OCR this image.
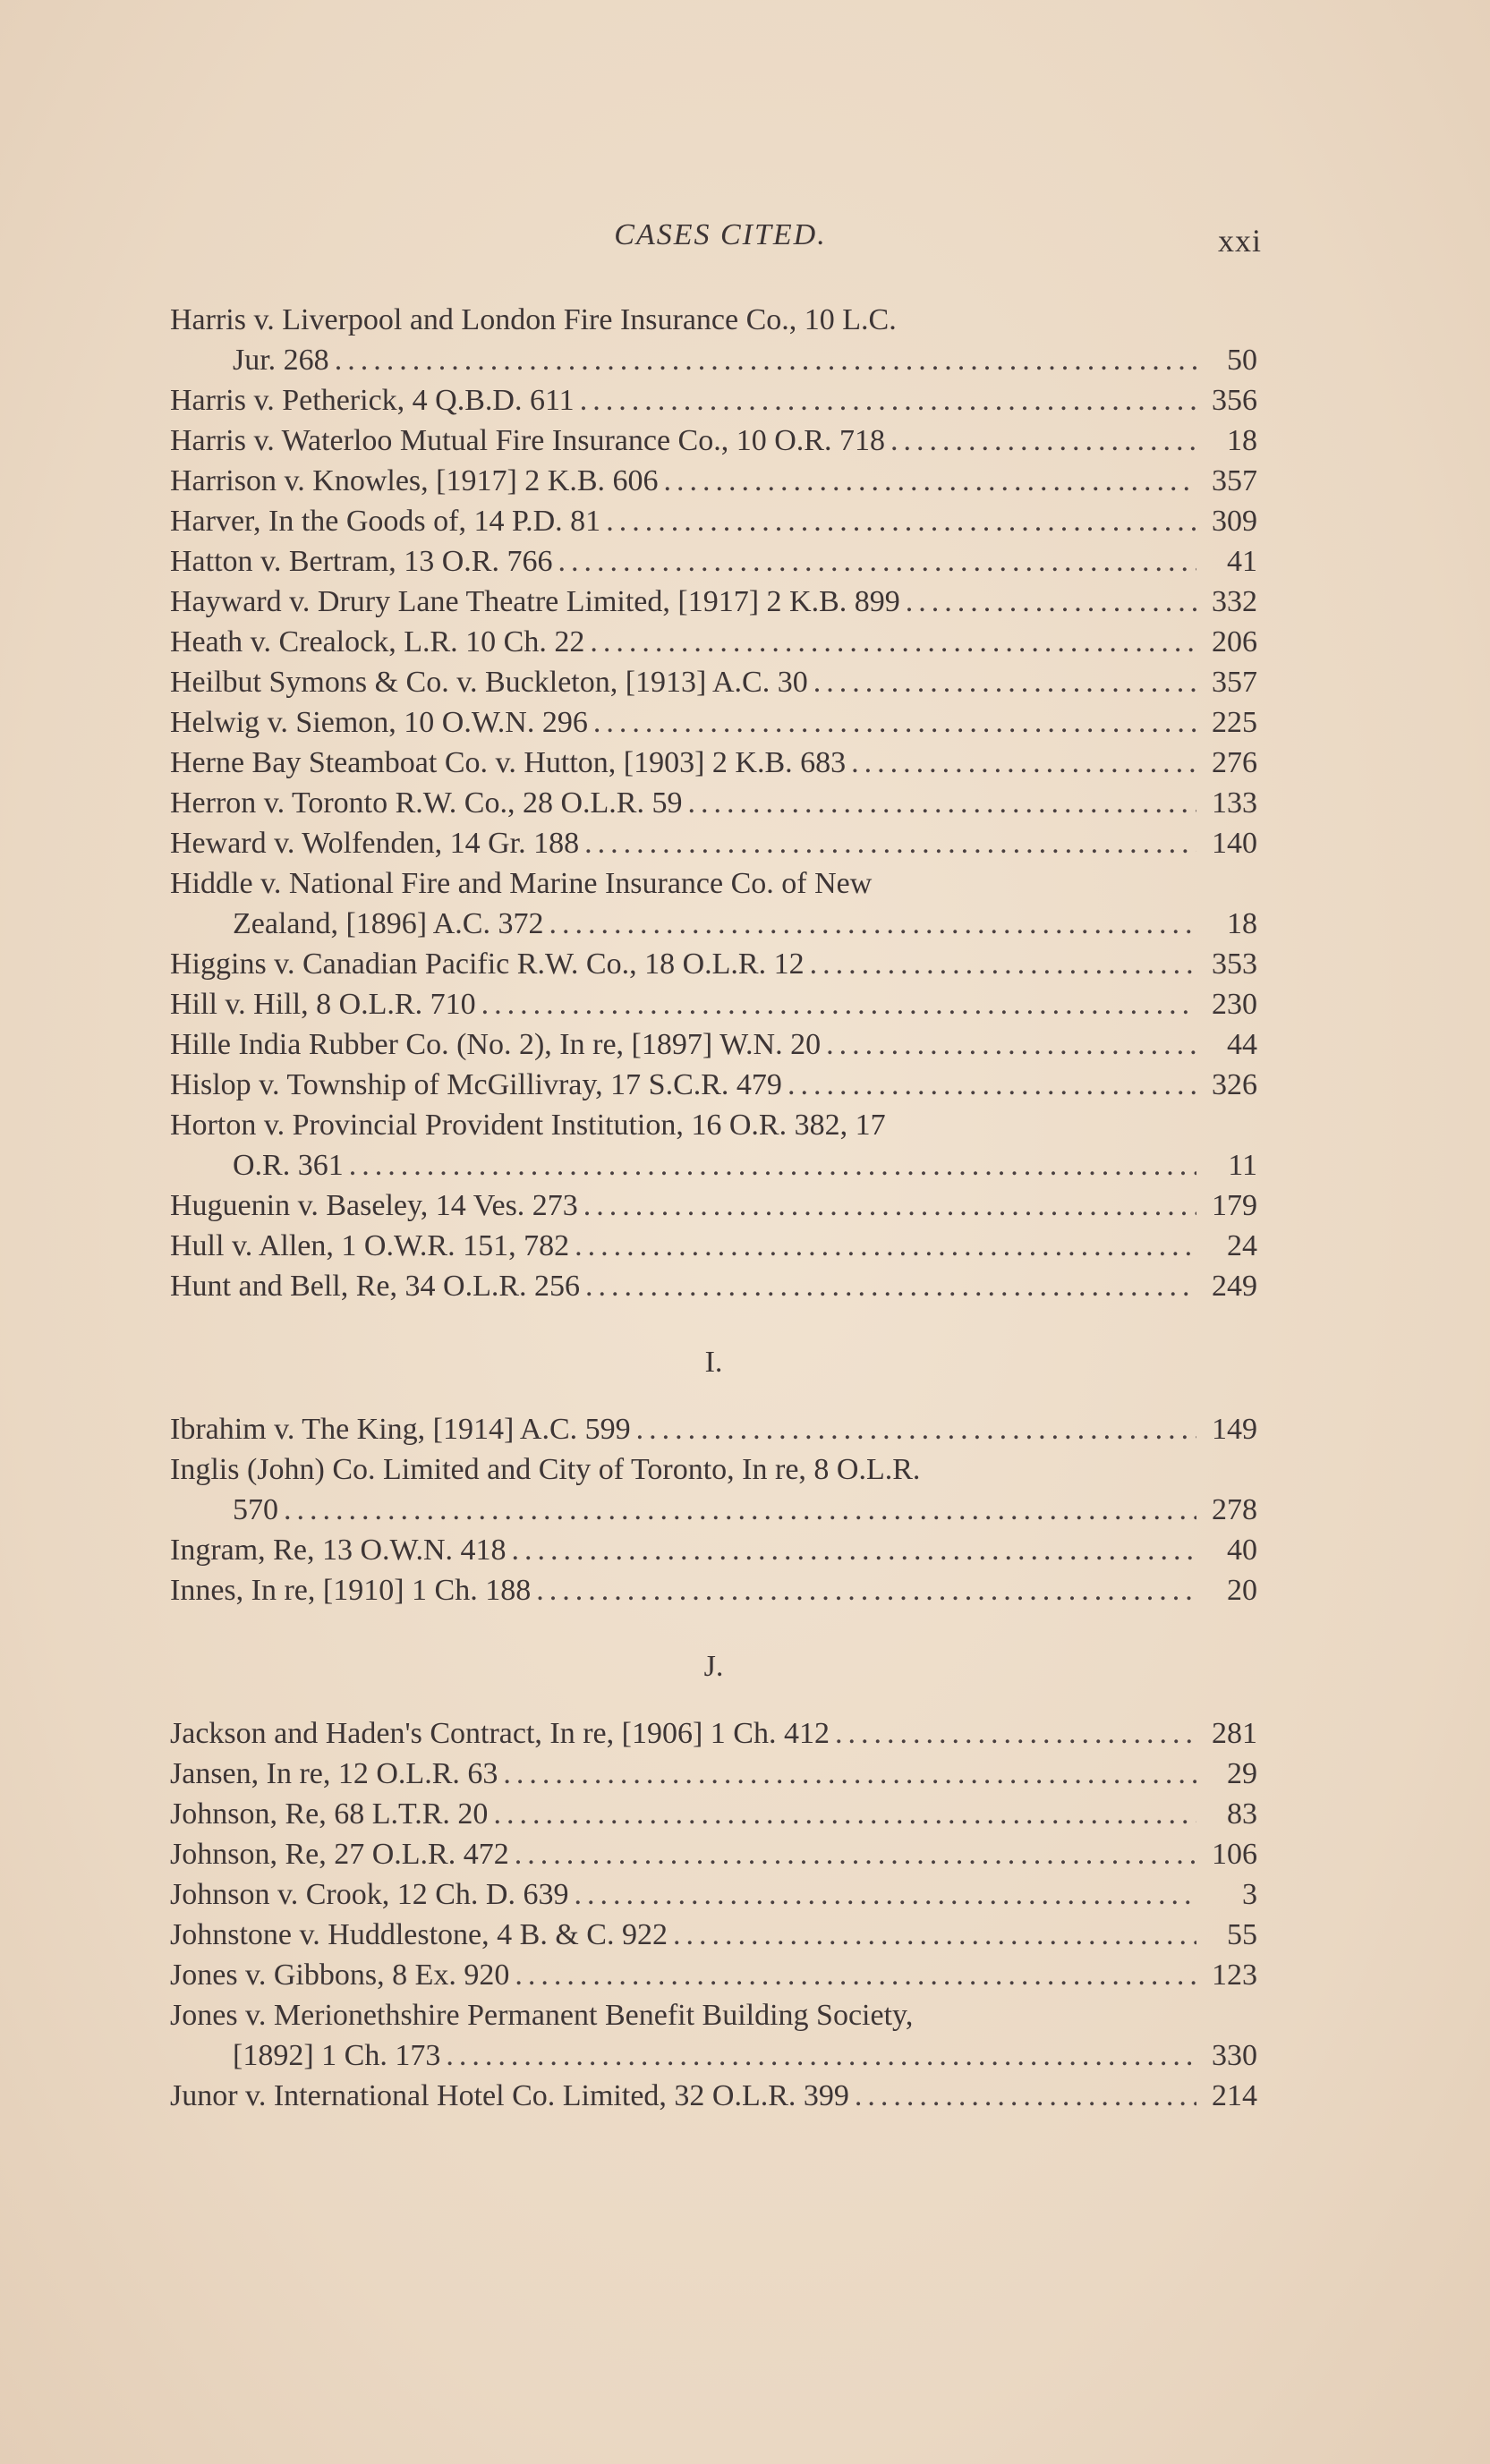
CASES CITED.	xxi
Harris v. Liverpool and London Fire Insurance Co., 10 L.C.
Jur. 268 .....	50
Harris v. Petherick, 4 Q.B.D. 611 .....	356
Harris v. Waterloo Mutual Fire Insurance Co., 10 O.R. 718 .....	18
Harrison v. Knowles, [1917] 2 K.B. 606 .....	357
Harver, In the Goods of, 14 P.D. 81 .....	309
Hatton v. Bertram, 13 O.R. 766 .....	41
Hayward v. Drury Lane Theatre Limited, [1917] 2 K.B. 899 .....	332
Heath v. Crealock, L.R. 10 Ch. 22 .....	206
Heilbut Symons & Co. v. Buckleton, [1913] A.C. 30 .....	357
Helwig v. Siemon, 10 O.W.N. 296 .....	225
Herne Bay Steamboat Co. v. Hutton, [1903] 2 K.B. 683 .....	276
Herron v. Toronto R.W. Co., 28 O.L.R. 59 .....	133
Heward v. Wolfenden, 14 Gr. 188 .....	140
Hiddle v. National Fire and Marine Insurance Co. of New
Zealand, [1896] A.C. 372 .....	18
Higgins v. Canadian Pacific R.W. Co., 18 O.L.R. 12 .....	353
Hill v. Hill, 8 O.L.R. 710 .....	230
Hille India Rubber Co. (No. 2), In re, [1897] W.N. 20 .....	44
Hislop v. Township of McGillivray, 17 S.C.R. 479 .....	326
Horton v. Provincial Provident Institution, 16 O.R. 382, 17
O.R. 361 .....	11
Huguenin v. Baseley, 14 Ves. 273 .....	179
Hull v. Allen, 1 O.W.R. 151, 782 .....	24
Hunt and Bell, Re, 34 O.L.R. 256 .....	249
I.
Ibrahim v. The King, [1914] A.C. 599 .....	149
Inglis (John) Co. Limited and City of Toronto, In re, 8 O.L.R.
570 .....	278
Ingram, Re, 13 O.W.N. 418 .....	40
Innes, In re, [1910] 1 Ch. 188 .....	20
J.
Jackson and Haden's Contract, In re, [1906] 1 Ch. 412 .....	281
Jansen, In re, 12 O.L.R. 63 .....	29
Johnson, Re, 68 L.T.R. 20 .....	83
Johnson, Re, 27 O.L.R. 472 .....	106
Johnson v. Crook, 12 Ch. D. 639 .....	3
Johnstone v. Huddlestone, 4 B. & C. 922 .....	55
Jones v. Gibbons, 8 Ex. 920 .....	123
Jones v. Merionethshire Permanent Benefit Building Society,
[1892] 1 Ch. 173 .....	330
Junor v. International Hotel Co. Limited, 32 O.L.R. 399 .....	214
